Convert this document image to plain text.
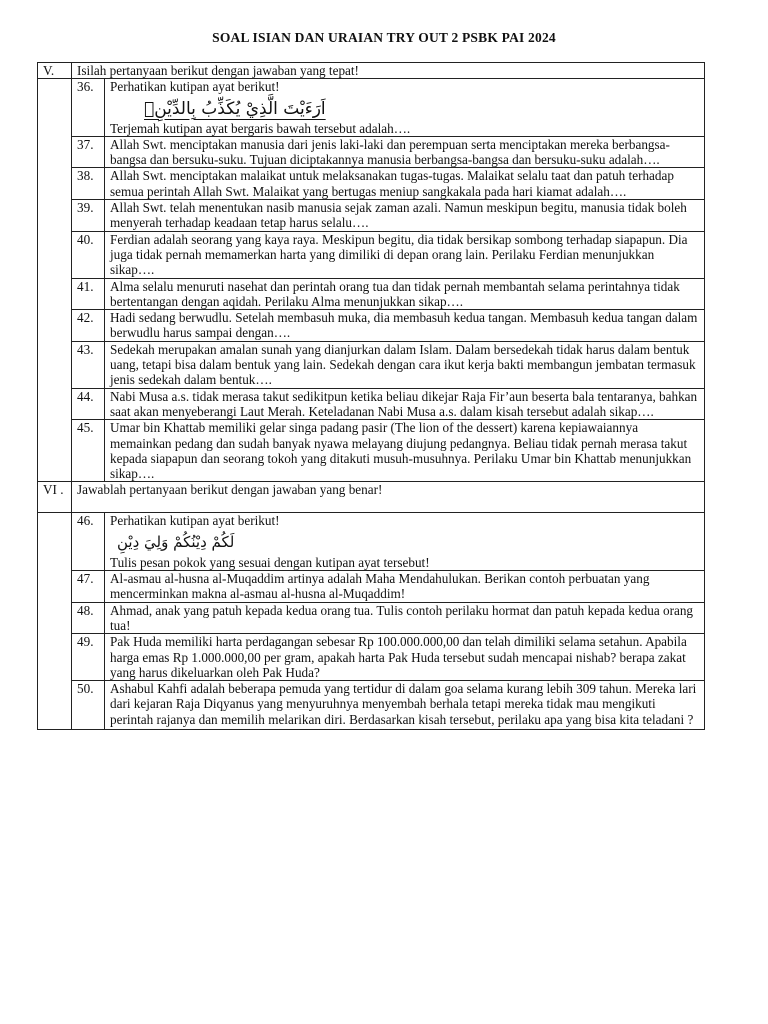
SOAL ISIAN DAN URAIAN TRY OUT 2 PSBK PAI 2024
V.	Isilah pertanyaan berikut dengan jawaban yang tepat!	
	36.	Perhatikan kutipan ayat berikut!
اَرَءَيْتَ الَّذِيْ يُكَذِّبُ بِالدِّيْنِۗ
Terjemah kutipan ayat bergaris bawah tersebut adalah….

	37.	Allah Swt. menciptakan manusia dari jenis laki-laki dan perempuan serta menciptakan mereka berbangsa-bangsa dan bersuku-suku. Tujuan diciptakannya manusia berbangsa-bangsa dan bersuku-suku adalah….
	38.	Allah Swt. menciptakan malaikat untuk melaksanakan tugas-tugas. Malaikat selalu taat dan patuh terhadap semua perintah Allah Swt. Malaikat yang bertugas meniup sangkakala pada hari kiamat adalah….
	39.	Allah Swt. telah menentukan nasib manusia sejak zaman azali. Namun meskipun begitu, manusia tidak boleh menyerah terhadap keadaan tetap harus selalu….
	40.	Ferdian adalah seorang yang kaya raya. Meskipun begitu, dia tidak bersikap sombong terhadap siapapun. Dia juga tidak pernah memamerkan harta yang dimiliki di depan orang lain. Perilaku Ferdian menunjukkan sikap….
	41.	Alma selalu menuruti nasehat dan perintah orang tua dan tidak pernah membantah selama perintahnya tidak bertentangan dengan aqidah. Perilaku Alma menunjukkan sikap….
	42.	Hadi sedang berwudlu. Setelah membasuh muka, dia membasuh kedua tangan. Membasuh kedua tangan dalam berwudlu harus sampai dengan….
	43.	Sedekah merupakan amalan sunah yang dianjurkan dalam Islam. Dalam bersedekah tidak harus dalam bentuk uang, tetapi bisa dalam bentuk yang lain. Sedekah dengan cara ikut kerja bakti membangun jembatan termasuk jenis sedekah dalam bentuk….
	44.	Nabi Musa a.s. tidak merasa takut sedikitpun ketika beliau dikejar Raja Fir’aun beserta bala tentaranya, bahkan saat akan menyeberangi Laut Merah. Keteladanan Nabi Musa a.s. dalam kisah tersebut adalah sikap….
	45.	Umar bin Khattab memiliki gelar singa padang pasir (The lion of the dessert) karena kepiawaiannya memainkan pedang dan sudah banyak nyawa melayang diujung pedangnya. Beliau tidak pernah merasa takut kepada siapapun dan seorang tokoh yang ditakuti musuh-musuhnya. Perilaku Umar bin Khattab menunjukkan sikap….
VI .	Jawablah pertanyaan berikut dengan jawaban yang benar!	
	46.	Perhatikan kutipan ayat berikut!
لَكُمْ دِيْنُكُمْ وَلِيَ دِيْنِ
Tulis pesan pokok yang sesuai dengan kutipan ayat tersebut!

	47.	Al-asmau al-husna al-Muqaddim artinya adalah Maha Mendahulukan. Berikan contoh perbuatan yang mencerminkan makna al-asmau al-husna al-Muqaddim!
	48.	Ahmad, anak yang patuh kepada kedua orang tua. Tulis contoh perilaku hormat dan patuh kepada kedua orang tua!
	49.	Pak Huda memiliki harta perdagangan sebesar Rp 100.000.000,00 dan telah dimiliki selama setahun. Apabila harga emas Rp 1.000.000,00 per gram, apakah harta Pak Huda tersebut sudah mencapai nishab? berapa zakat yang harus dikeluarkan oleh Pak Huda?
	50.	Ashabul Kahfi adalah beberapa pemuda yang tertidur di dalam goa selama kurang lebih 309 tahun. Mereka lari dari kejaran Raja Diqyanus yang menyuruhnya menyembah berhala tetapi mereka tidak mau mengikuti perintah rajanya dan memilih melarikan diri. Berdasarkan kisah tersebut, perilaku apa yang bisa kita teladani ?
